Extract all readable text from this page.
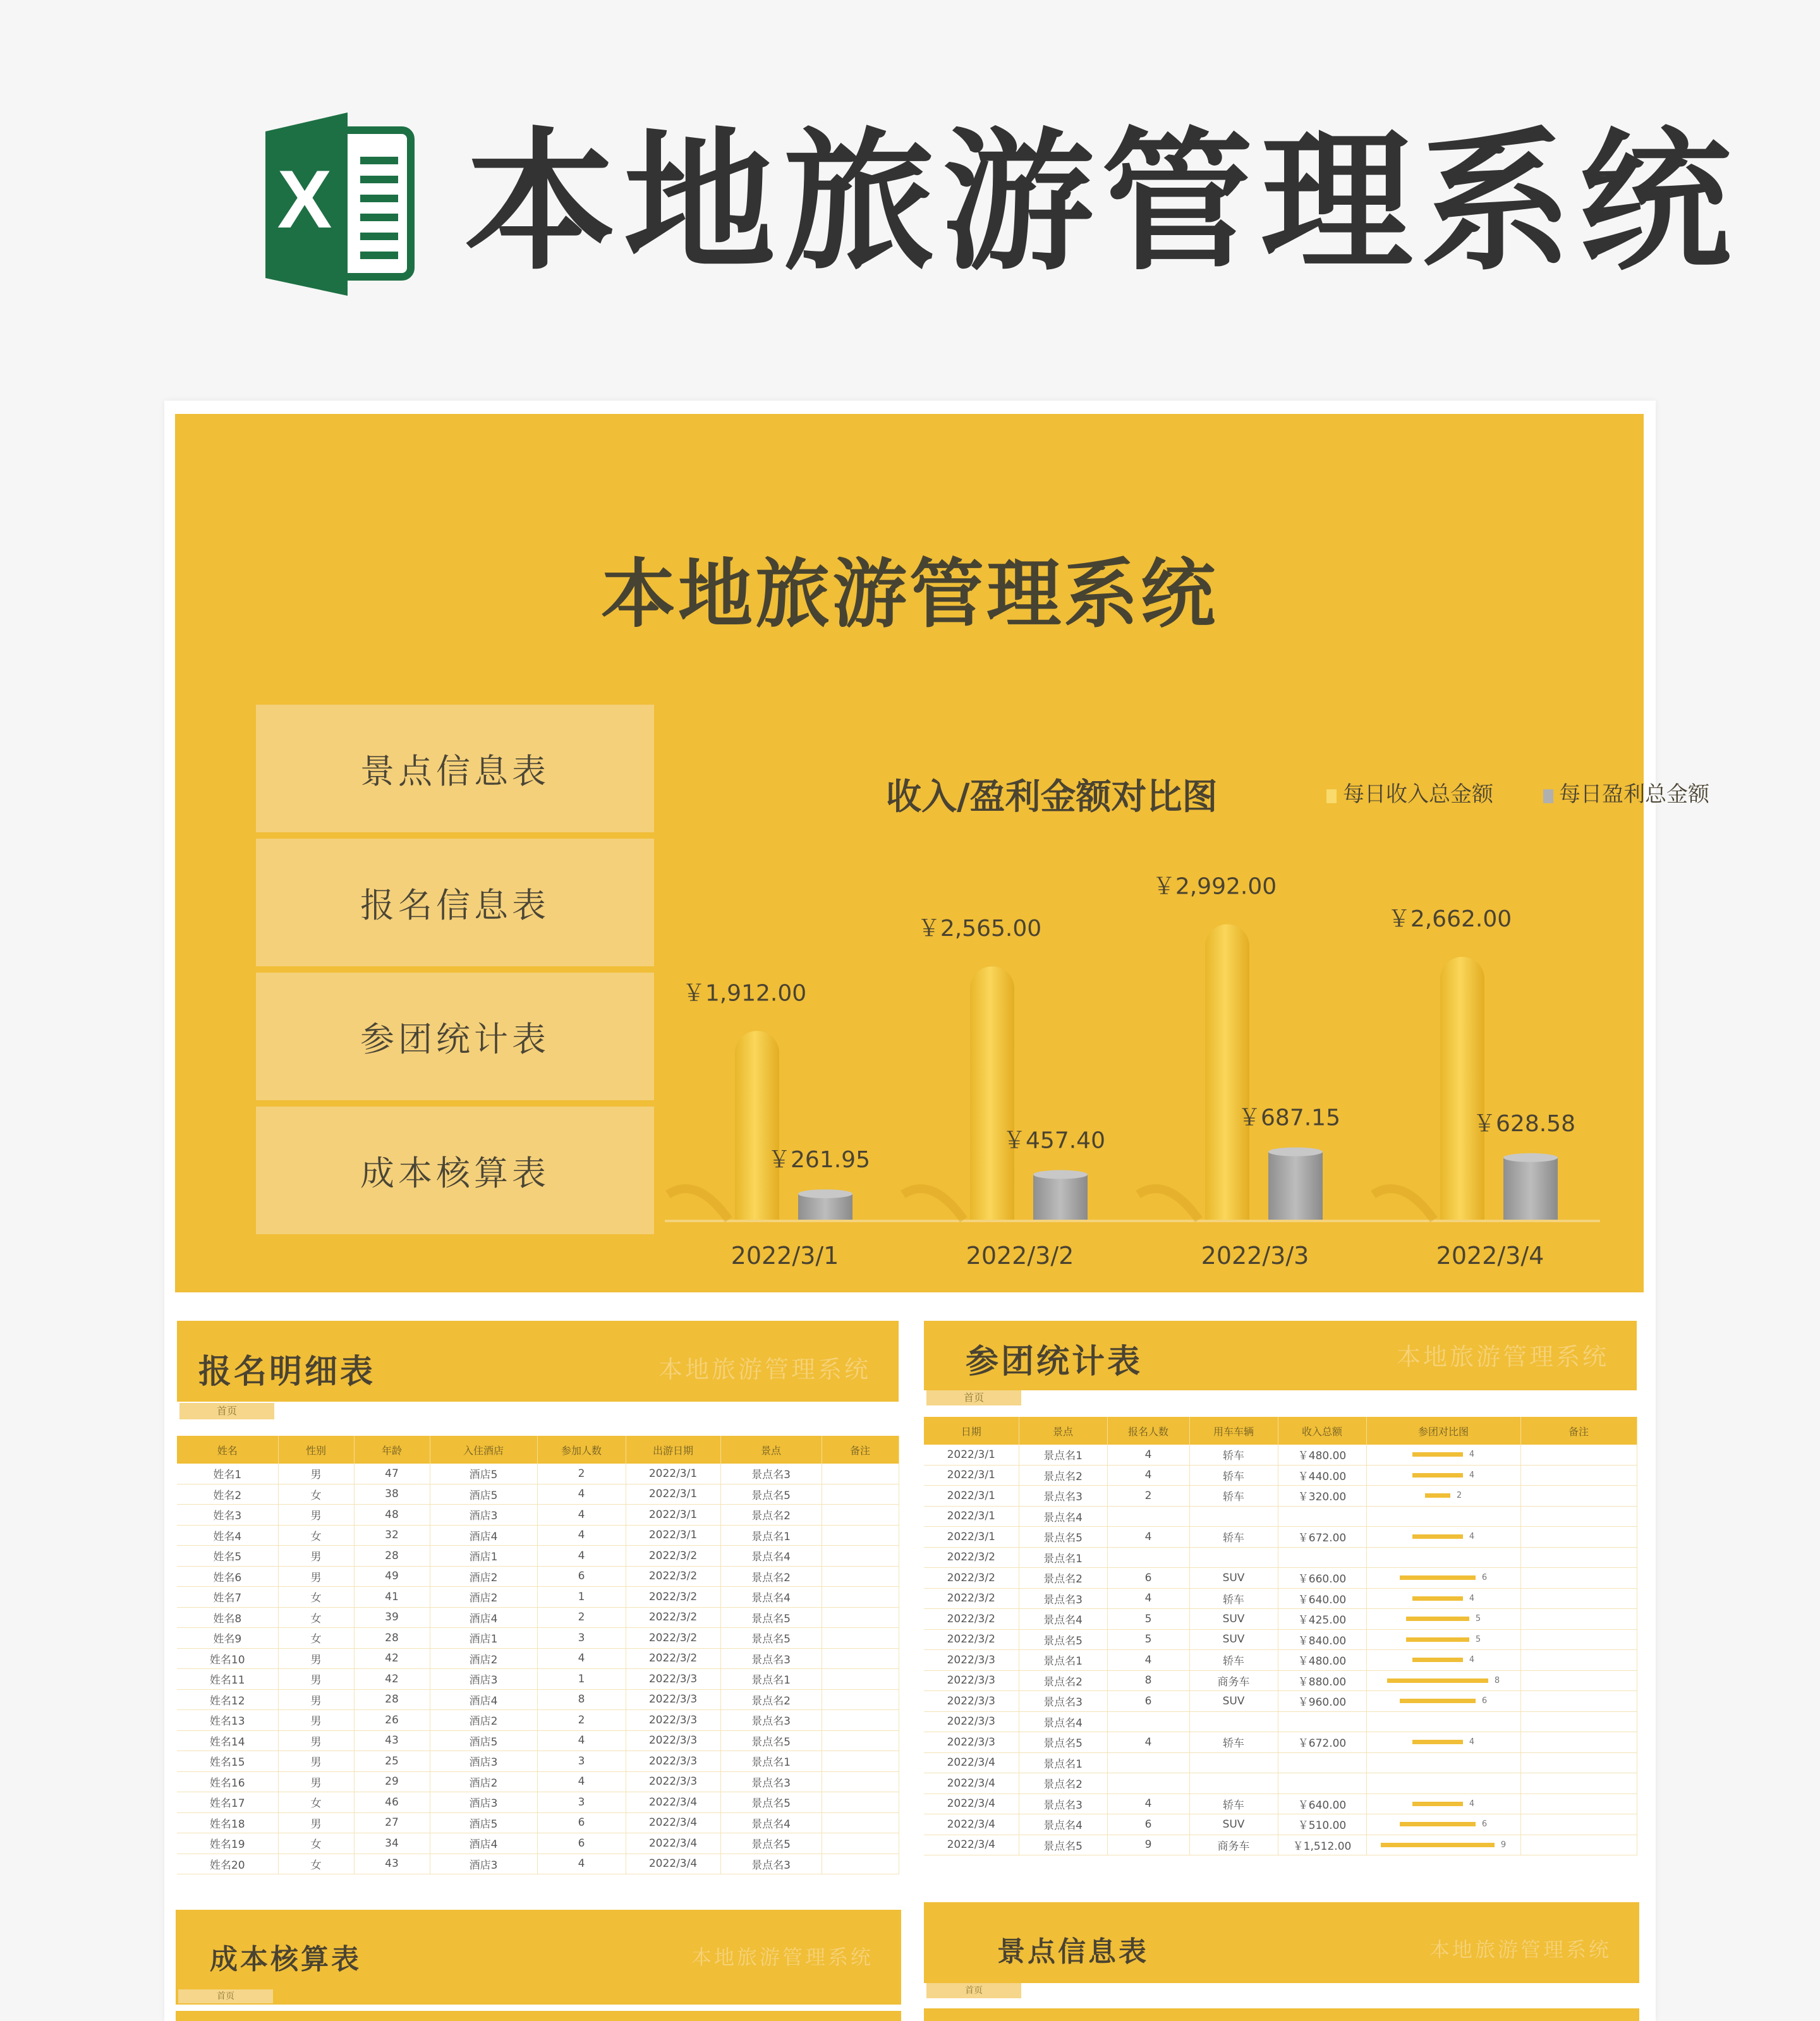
X 本地旅游管理系统
本地旅游管理系统
景点信息表
报名信息表
参团统计表
成本核算表
收入/盈利金额对比图	每日收入总金额	每日盈利总金额
￥1,912.00
￥261.95
2022/3/1
￥2,565.00
￥457.40
2022/3/2
￥2,992.00
￥687.15
2022/3/3
￥2,662.00
￥628.58
2022/3/4
报名明细表	本地旅游管理系统
首页
姓名	性别	年龄	入住酒店	参加人数	出游日期	景点	备注
姓名1	男	47	酒店5	2	2022/3/1	景点名3	
姓名2	女	38	酒店5	4	2022/3/1	景点名5	
姓名3	男	48	酒店3	4	2022/3/1	景点名2	
姓名4	女	32	酒店4	4	2022/3/1	景点名1	
姓名5	男	28	酒店1	4	2022/3/2	景点名4	
姓名6	男	49	酒店2	6	2022/3/2	景点名2	
姓名7	女	41	酒店2	1	2022/3/2	景点名4	
姓名8	女	39	酒店4	2	2022/3/2	景点名5	
姓名9	女	28	酒店1	3	2022/3/2	景点名5	
姓名10	男	42	酒店2	4	2022/3/2	景点名3	
姓名11	男	42	酒店3	1	2022/3/3	景点名1	
姓名12	男	28	酒店4	8	2022/3/3	景点名2	
姓名13	男	26	酒店2	2	2022/3/3	景点名3	
姓名14	男	43	酒店5	4	2022/3/3	景点名5	
姓名15	男	25	酒店3	3	2022/3/3	景点名1	
姓名16	男	29	酒店2	4	2022/3/3	景点名3	
姓名17	女	46	酒店3	3	2022/3/4	景点名5	
姓名18	男	27	酒店5	6	2022/3/4	景点名4	
姓名19	女	34	酒店4	6	2022/3/4	景点名5	
姓名20	女	43	酒店3	4	2022/3/4	景点名3	
参团统计表	本地旅游管理系统
首页
日期	景点	报名人数	用车车辆	收入总额	参团对比图	备注
2022/3/1	景点名1	4	轿车	￥480.00	4	
2022/3/1	景点名2	4	轿车	￥440.00	4	
2022/3/1	景点名3	2	轿车	￥320.00	2	
2022/3/1	景点名4					
2022/3/1	景点名5	4	轿车	￥672.00	4	
2022/3/2	景点名1					
2022/3/2	景点名2	6	SUV	￥660.00	6	
2022/3/2	景点名3	4	轿车	￥640.00	4	
2022/3/2	景点名4	5	SUV	￥425.00	5	
2022/3/2	景点名5	5	SUV	￥840.00	5	
2022/3/3	景点名1	4	轿车	￥480.00	4	
2022/3/3	景点名2	8	商务车	￥880.00	8	
2022/3/3	景点名3	6	SUV	￥960.00	6	
2022/3/3	景点名4					
2022/3/3	景点名5	4	轿车	￥672.00	4	
2022/3/4	景点名1					
2022/3/4	景点名2					
2022/3/4	景点名3	4	轿车	￥640.00	4	
2022/3/4	景点名4	6	SUV	￥510.00	6	
2022/3/4	景点名5	9	商务车	￥1,512.00	9	
成本核算表	本地旅游管理系统
首页
景点信息表	本地旅游管理系统
首页
